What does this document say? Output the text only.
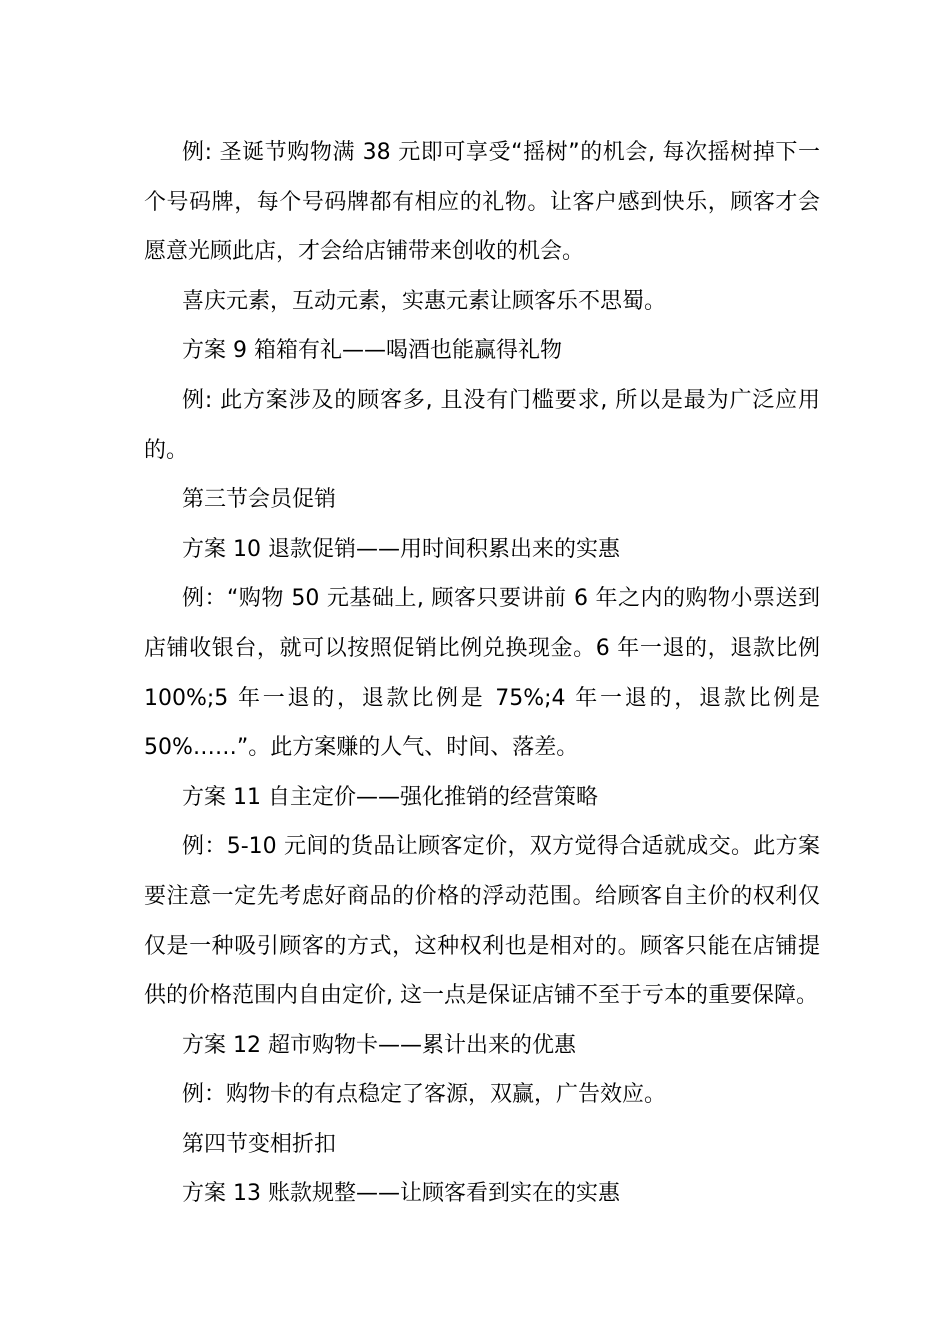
例: 圣诞节购物满 38 元即可享受“摇树”的机会, 每次摇树掉下一个号码牌，每个号码牌都有相应的礼物。让客户感到快乐，顾客才会愿意光顾此店，才会给店铺带来创收的机会。

喜庆元素，互动元素，实惠元素让顾客乐不思蜀。

方案 9 箱箱有礼——喝酒也能赢得礼物

例: 此方案涉及的顾客多, 且没有门槛要求, 所以是最为广泛应用的。

第三节会员促销

方案 10 退款促销——用时间积累出来的实惠

例：“购物 50 元基础上, 顾客只要讲前 6 年之内的购物小票送到店铺收银台，就可以按照促销比例兑换现金。6 年一退的，退款比例100%;5 年一退的，退款比例是 75%;4 年一退的，退款比例是 50%……”。此方案赚的人气、时间、落差。

方案 11 自主定价——强化推销的经营策略

例：5-10 元间的货品让顾客定价，双方觉得合适就成交。此方案要注意一定先考虑好商品的价格的浮动范围。给顾客自主价的权利仅仅是一种吸引顾客的方式，这种权利也是相对的。顾客只能在店铺提供的价格范围内自由定价, 这一点是保证店铺不至于亏本的重要保障。

方案 12 超市购物卡——累计出来的优惠

例：购物卡的有点稳定了客源，双赢，广告效应。

第四节变相折扣

方案 13 账款规整——让顾客看到实在的实惠
